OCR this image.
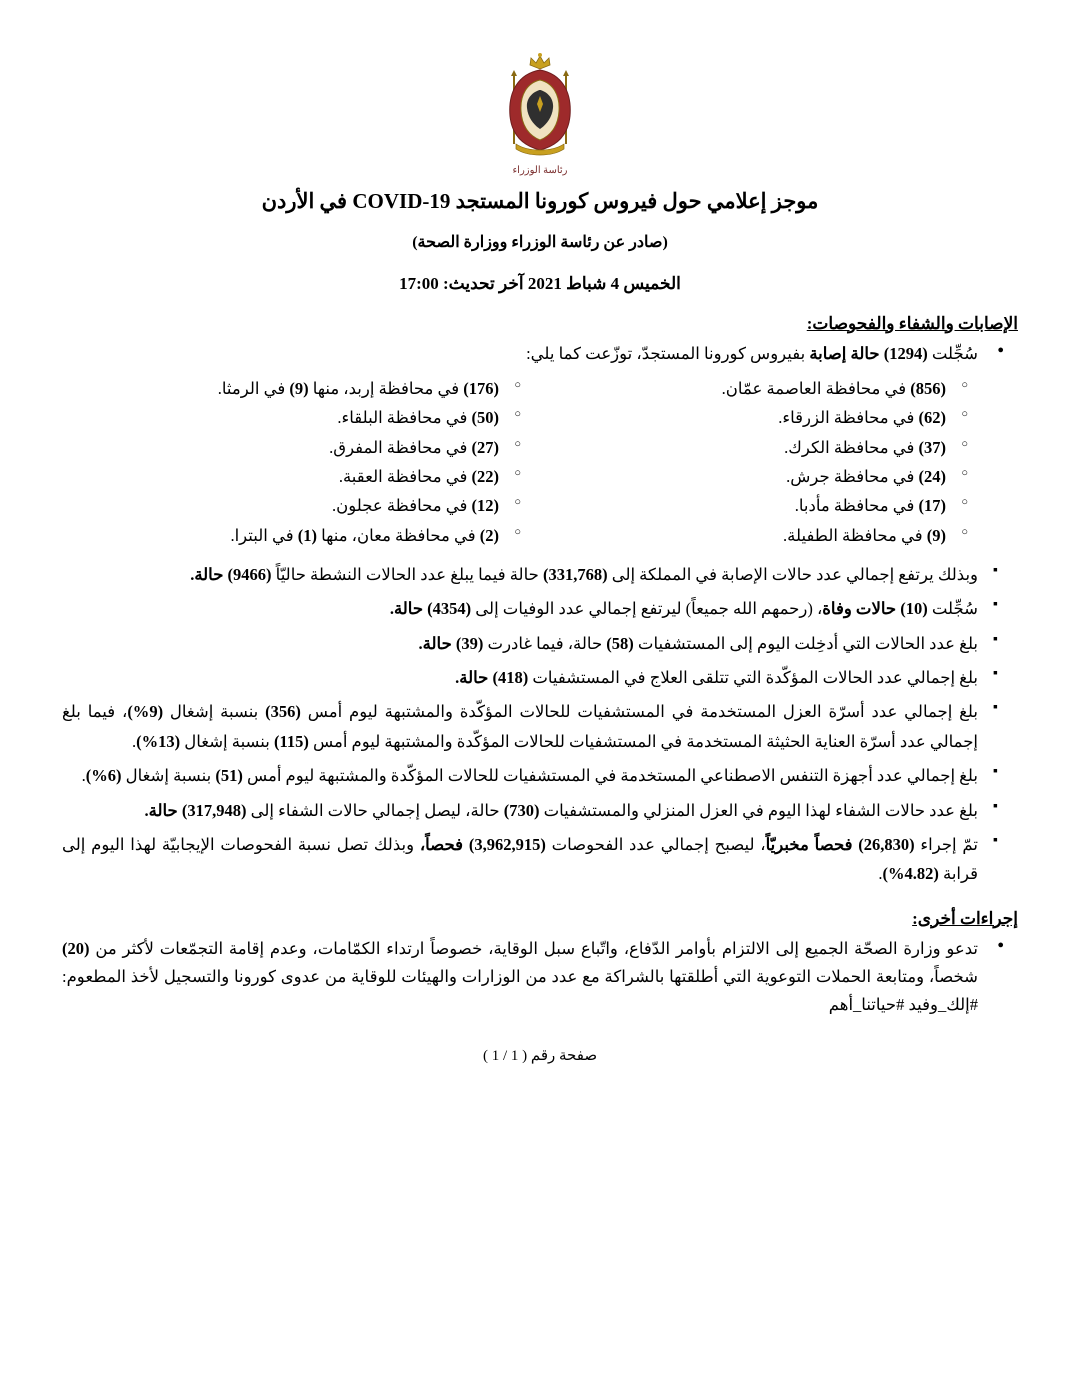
رئاسة الوزراء
موجز إعلامي حول فيروس كورونا المستجد COVID-19 في الأردن
(صادر عن رئاسة الوزراء ووزارة الصحة)
الخميس 4 شباط 2021 آخر تحديث: 17:00
الإصابات والشفاء والفحوصات:
● سُجِّلت (1294) حالة إصابة بفيروس كورونا المستجدّ، توزّعت كما يلي:
○ (856) في محافظة العاصمة عمّان.
○ (176) في محافظة إربد، منها (9) في الرمثا.
○ (62) في محافظة الزرقاء.
○ (50) في محافظة البلقاء.
○ (37) في محافظة الكرك.
○ (27) في محافظة المفرق.
○ (24) في محافظة جرش.
○ (22) في محافظة العقبة.
○ (17) في محافظة مأدبا.
○ (12) في محافظة عجلون.
○ (9) في محافظة الطفيلة.
○ (2) في محافظة معان، منها (1) في البترا.
▪ وبذلك يرتفع إجمالي عدد حالات الإصابة في المملكة إلى (331,768) حالة فيما يبلغ عدد الحالات النشطة حاليّاً (9466) حالة.
▪ سُجِّلت (10) حالات وفاة، (رحمهم الله جميعاً) ليرتفع إجمالي عدد الوفيات إلى (4354) حالة.
▪ بلغ عدد الحالات التي أدخِلت اليوم إلى المستشفيات (58) حالة، فيما غادرت (39) حالة.
▪ بلغ إجمالي عدد الحالات المؤكّدة التي تتلقى العلاج في المستشفيات (418) حالة.
▪ بلغ إجمالي عدد أسرّة العزل المستخدمة في المستشفيات للحالات المؤكّدة والمشتبهة ليوم أمس (356) بنسبة إشغال (9%)، فيما بلغ إجمالي عدد أسرّة العناية الحثيثة المستخدمة في المستشفيات للحالات المؤكّدة والمشتبهة ليوم أمس (115) بنسبة إشغال (13%).
▪ بلغ إجمالي عدد أجهزة التنفس الاصطناعي المستخدمة في المستشفيات للحالات المؤكّدة والمشتبهة ليوم أمس (51) بنسبة إشغال (6%).
▪ بلغ عدد حالات الشفاء لهذا اليوم في العزل المنزلي والمستشفيات (730) حالة، ليصل إجمالي حالات الشفاء إلى (317,948) حالة.
▪ تمّ إجراء (26,830) فحصاً مخبريّاً، ليصبح إجمالي عدد الفحوصات (3,962,915) فحصاً، وبذلك تصل نسبة الفحوصات الإيجابيّة لهذا اليوم إلى قرابة (4.82%).
إجراءات أخرى:
● تدعو وزارة الصحّة الجميع إلى الالتزام بأوامر الدّفاع، واتّباع سبل الوقاية، خصوصاً ارتداء الكمّامات، وعدم إقامة التجمّعات لأكثر من (20) شخصاً، ومتابعة الحملات التوعوية التي أطلقتها بالشراكة مع عدد من الوزارات والهيئات للوقاية من عدوى كورونا والتسجيل لأخذ المطعوم: #إلك_وفيد #حياتنا_أهم
صفحة رقم ( 1 / 1 )
